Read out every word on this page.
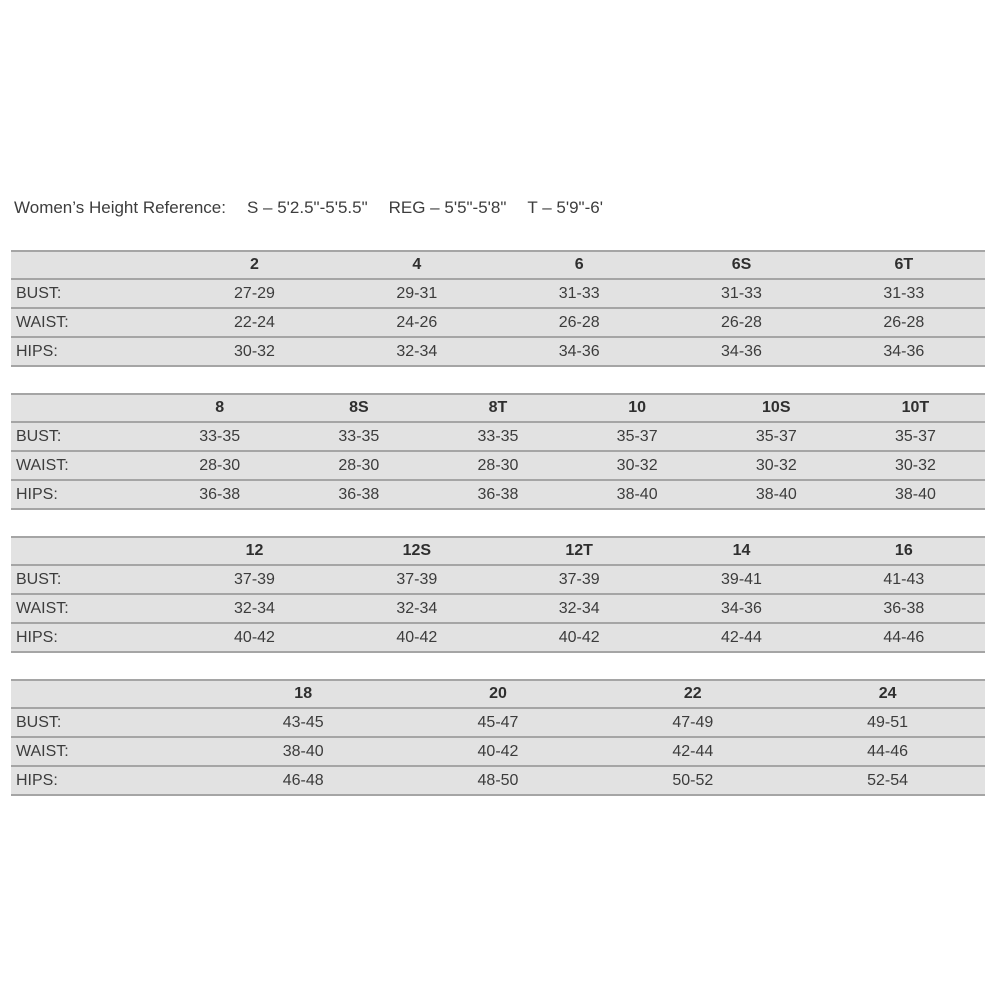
Women’s Height Reference: S – 5'2.5"-5'5.5" REG – 5'5"-5'8" T – 5'9"-6'
	2	4	6	6S	6T
BUST:	27-29	29-31	31-33	31-33	31-33
WAIST:	22-24	24-26	26-28	26-28	26-28
HIPS:	30-32	32-34	34-36	34-36	34-36
	8	8S	8T	10	10S	10T
BUST:	33-35	33-35	33-35	35-37	35-37	35-37
WAIST:	28-30	28-30	28-30	30-32	30-32	30-32
HIPS:	36-38	36-38	36-38	38-40	38-40	38-40
	12	12S	12T	14	16
BUST:	37-39	37-39	37-39	39-41	41-43
WAIST:	32-34	32-34	32-34	34-36	36-38
HIPS:	40-42	40-42	40-42	42-44	44-46
	18	20	22	24
BUST:	43-45	45-47	47-49	49-51
WAIST:	38-40	40-42	42-44	44-46
HIPS:	46-48	48-50	50-52	52-54
